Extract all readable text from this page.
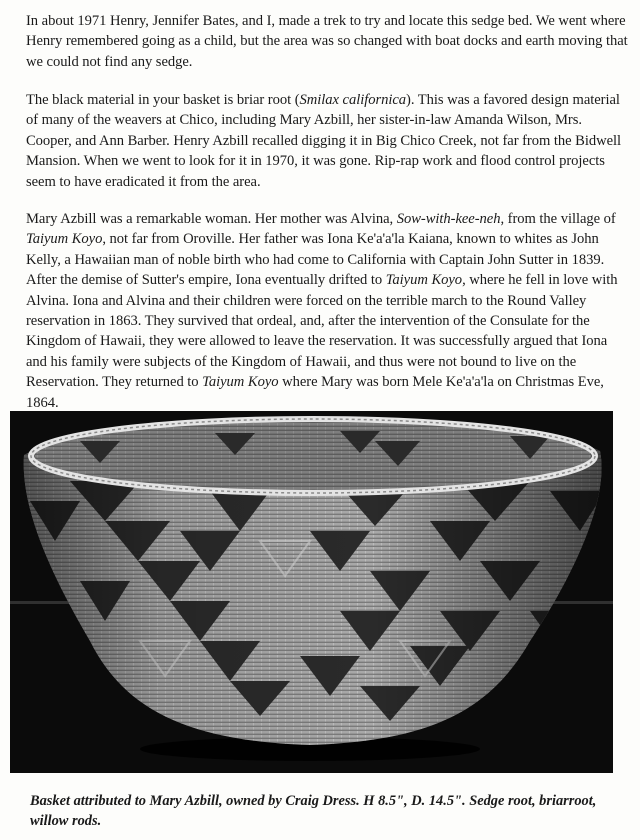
In about 1971 Henry, Jennifer Bates, and I, made a trek to try and locate this sedge bed. We went where Henry remembered going as a child, but the area was so changed with boat docks and earth moving that we could not find any sedge.
The black material in your basket is briar root (Smilax californica). This was a favored design material of many of the weavers at Chico, including Mary Azbill, her sister-in-law Amanda Wilson, Mrs. Cooper, and Ann Barber. Henry Azbill recalled digging it in Big Chico Creek, not far from the Bidwell Mansion. When we went to look for it in 1970, it was gone. Rip-rap work and flood control projects seem to have eradicated it from the area.
Mary Azbill was a remarkable woman. Her mother was Alvina, Sow-with-kee-neh, from the village of Taiyum Koyo, not far from Oroville. Her father was Iona Ke'a'a'la Kaiana, known to whites as John Kelly, a Hawaiian man of noble birth who had come to California with Captain John Sutter in 1839. After the demise of Sutter's empire, Iona eventually drifted to Taiyum Koyo, where he fell in love with Alvina. Iona and Alvina and their children were forced on the terrible march to the Round Valley reservation in 1863. They survived that ordeal, and, after the intervention of the Consulate for the Kingdom of Hawaii, they were allowed to leave the reservation. It was successfully argued that Iona and his family were subjects of the Kingdom of Hawaii, and thus were not bound to live on the Reservation. They returned to Taiyum Koyo where Mary was born Mele Ke'a'a'la on Christmas Eve, 1864.
Basket attributed to Mary Azbill, owned by Craig Dress. H 8.5", D. 14.5". Sedge root, briarroot, willow rods.
